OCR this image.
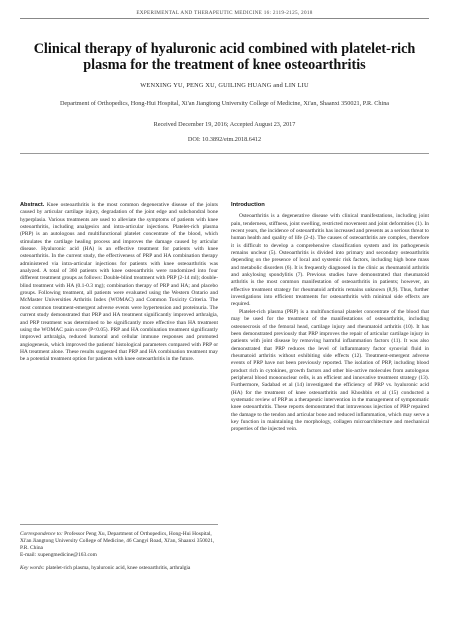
EXPERIMENTAL AND THERAPEUTIC MEDICINE 16: 2119-2125, 2018
Clinical therapy of hyaluronic acid combined with platelet-rich plasma for the treatment of knee osteoarthritis
WENXING YU, PENG XU, GUILING HUANG and LIN LIU
Department of Orthopedics, Hong-Hui Hospital, Xi'an Jiangtong University College of Medicine, Xi'an, Shaanxi 350021, P.R. China
Received December 19, 2016; Accepted August 23, 2017
DOI: 10.3892/etm.2018.6412

Abstract. Knee osteoarthritis is the most common degenerative disease of the joints caused by articular cartilage injury, degradation of the joint edge and subchondral bone hyperplasia. Various treatments are used to alleviate the symptoms of patients with knee osteoarthritis, including analgesics and intra-articular injections. Platelet-rich plasma (PRP) is an autologous and multifunctional platelet concentrate of the blood, which stimulates the cartilage healing process and improves the damage caused by articular disease. Hyaluronic acid (HA) is an effective treatment for patients with knee osteoarthritis. In the current study, the effectiveness of PRP and HA combination therapy administered via intra-articular injections for patients with knee osteoarthritis was analyzed. A total of 360 patients with knee osteoarthritis were randomized into four different treatment groups as follows: Double-blind treatment with PRP (2-14 ml); double-blind treatment with HA (0.1-0.3 mg); combination therapy of PRP and HA; and placebo groups. Following treatment, all patients were evaluated using the Western Ontario and McMaster Universities Arthritis Index (WOMAC) and Common Toxicity Criteria. The most common treatment-emergent adverse events were hypertension and proteinuria. The current study demonstrated that PRP and HA treatment significantly improved arthralgia, and PRP treatment was determined to be significantly more effective than HA treatment using the WOMAC pain score (P<0.05). PRP and HA combination treatment significantly improved arthralgia, reduced humoral and cellular immune responses and promoted angiogenesis, which improved the patients' histological parameters compared with PRP or HA treatment alone. These results suggested that PRP and HA combination treatment may be a potential treatment option for patients with knee osteoarthritis in the future.

Introduction

Osteoarthritis is a degenerative disease with clinical manifestations, including joint pain, tenderness, stiffness, joint swelling, restricted movement and joint deformities (1). In recent years, the incidence of osteoarthritis has increased and presents as a serious threat to human health and quality of life (2-4). The causes of osteoarthritis are complex, therefore it is difficult to develop a comprehensive classification system and its pathogenesis remains unclear (5). Osteoarthritis is divided into primary and secondary osteoarthritis depending on the presence of local and systemic risk factors, including high bone mass and metabolic disorders (6). It is frequently diagnosed in the clinic as rheumatoid arthritis and ankylosing spondylitis (7). Previous studies have demonstrated that rheumatoid arthritis is the most common manifestation of osteoarthritis in patients; however, an effective treatment strategy for rheumatoid arthritis remains unknown (8,9). Thus, further investigations into efficient treatments for osteoarthritis with minimal side effects are required.

Platelet-rich plasma (PRP) is a multifunctional platelet concentrate of the blood that may be used for the treatment of the manifestations of osteoarthritis, including osteonecrosis of the femoral head, cartilage injury and rheumatoid arthritis (10). It has been demonstrated previously that PRP improves the repair of articular cartilage injury in patients with joint disease by removing harmful inflammation factors (11). It was also demonstrated that PRP reduces the level of inflammatory factor synovial fluid in rheumatoid arthritis without exhibiting side effects (12). Treatment-emergent adverse events of PRP have not been previously reported. The isolation of PRP, including blood product rich in cytokines, growth factors and other bio-active molecules from autologous peripheral blood mononuclear cells, is an efficient and innovative treatment strategy (13). Furthermore, Sadabad et al (14) investigated the efficiency of PRP vs. hyaluronic acid (HA) for the treatment of knee osteoarthritis and Khoshbin et al (15) conducted a systematic review of PRP as a therapeutic intervention in the management of symptomatic knee osteoarthritis. These reports demonstrated that intravenous injection of PRP repaired the damage to the tendon and articular bone and reduced inflammation, which may serve a key function in maintaining the morphology, collagen microarchitecture and mechanical properties of the injected vein.

Correspondence to: Professor Peng Xu, Department of Orthopedics, Hong-Hui Hospital, Xi'an Jiangtong University College of Medicine, 46 Cangyi Road, Xi'an, Shaanxi 350021, P.R. China

E-mail: xupengmedicine@163.com

Key words: platelet-rich plasma, hyaluronic acid, knee osteoarthritis, arthralgia
